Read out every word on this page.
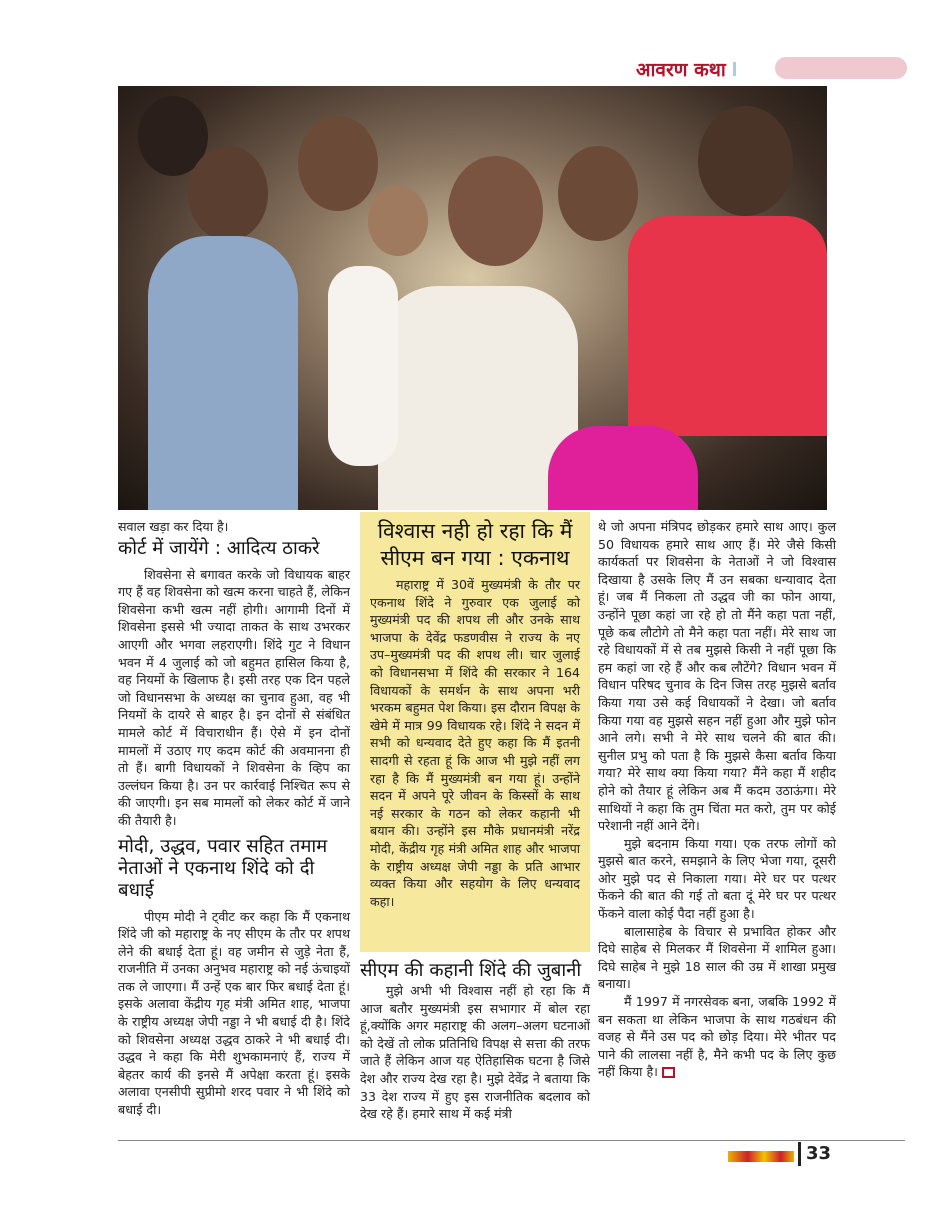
आवरण कथा

सवाल खड़ा कर दिया है।

कोर्ट में जायेंगे : आदित्य ठाकरे

शिवसेना से बगावत करके जो विधायक बाहर गए हैं वह शिवसेना को खत्म करना चाहते हैं, लेकिन शिवसेना कभी खत्म नहीं होगी। आगामी दिनों में शिवसेना इससे भी ज्यादा ताकत के साथ उभरकर आएगी और भगवा लहराएगी। शिंदे गुट ने विधान भवन में 4 जुलाई को जो बहुमत हासिल किया है, वह नियमों के खिलाफ है। इसी तरह एक दिन पहले जो विधानसभा के अध्यक्ष का चुनाव हुआ, वह भी नियमों के दायरे से बाहर है। इन दोनों से संबंधित मामले कोर्ट में विचाराधीन हैं। ऐसे में इन दोनों मामलों में उठाए गए कदम कोर्ट की अवमानना ही तो हैं। बागी विधायकों ने शिवसेना के व्हिप का उल्लंघन किया है। उन पर कार्रवाई निश्चित रूप से की जाएगी। इन सब मामलों को लेकर कोर्ट में जाने की तैयारी है।

मोदी, उद्धव, पवार सहित तमाम नेताओं ने एकनाथ शिंदे को दी बधाई

पीएम मोदी ने ट्वीट कर कहा कि मैं एकनाथ शिंदे जी को महाराष्ट्र के नए सीएम के तौर पर शपथ लेने की बधाई देता हूं। वह जमीन से जुड़े नेता हैं, राजनीति में उनका अनुभव महाराष्ट्र को नई ऊंचाइयों तक ले जाएगा। मैं उन्हें एक बार फिर बधाई देता हूं। इसके अलावा केंद्रीय गृह मंत्री अमित शाह, भाजपा के राष्ट्रीय अध्यक्ष जेपी नड्डा ने भी बधाई दी है। शिंदे को शिवसेना अध्यक्ष उद्धव ठाकरे ने भी बधाई दी। उद्धव ने कहा कि मेरी शुभकामनाएं हैं, राज्य में बेहतर कार्य की इनसे मैं अपेक्षा करता हूं। इसके अलावा एनसीपी सुप्रीमो शरद पवार ने भी शिंदे को बधाई दी।

विश्वास नही हो रहा कि मैं सीएम बन गया : एकनाथ

महाराष्ट्र में 30वें मुख्यमंत्री के तौर पर एकनाथ शिंदे ने गुरुवार एक जुलाई को मुख्यमंत्री पद की शपथ ली और उनके साथ भाजपा के देवेंद्र फडणवीस ने राज्य के नए उप–मुख्यमंत्री पद की शपथ ली। चार जुलाई को विधानसभा में शिंदे की सरकार ने 164 विधायकों के समर्थन के साथ अपना भरी भरकम बहुमत पेश किया। इस दौरान विपक्ष के खेमे में मात्र 99 विधायक रहे। शिंदे ने सदन में सभी को धन्यवाद देते हुए कहा कि मैं इतनी सादगी से रहता हूं कि आज भी मुझे नहीं लग रहा है कि मैं मुख्यमंत्री बन गया हूं। उन्होंने सदन में अपने पूरे जीवन के किस्सों के साथ नई सरकार के गठन को लेकर कहानी भी बयान की। उन्होंने इस मौके प्रधानमंत्री नरेंद्र मोदी, केंद्रीय गृह मंत्री अमित शाह और भाजपा के राष्ट्रीय अध्यक्ष जेपी नड्डा के प्रति आभार व्यक्त किया और सहयोग के लिए धन्यवाद कहा।

सीएम की कहानी शिंदे की जुबानी

मुझे अभी भी विश्वास नहीं हो रहा कि मैं आज बतौर मुख्यमंत्री इस सभागार में बोल रहा हूं,क्योंकि अगर महाराष्ट्र की अलग–अलग घटनाओं को देखें तो लोक प्रतिनिधि विपक्ष से सत्ता की तरफ जाते हैं लेकिन आज यह ऐतिहासिक घटना है जिसे देश और राज्य देख रहा है। मुझे देवेंद्र ने बताया कि 33 देश राज्य में हुए इस राजनीतिक बदलाव को देख रहे हैं। हमारे साथ में कई मंत्री

थे जो अपना मंत्रिपद छोड़कर हमारे साथ आए। कुल 50 विधायक हमारे साथ आए हैं। मेरे जैसे किसी कार्यकर्ता पर शिवसेना के नेताओं ने जो विश्वास दिखाया है उसके लिए मैं उन सबका धन्यावाद देता हूं। जब मैं निकला तो उद्धव जी का फोन आया, उन्होंने पूछा कहां जा रहे हो तो मैंने कहा पता नहीं, पूछे कब लौटोगे तो मैने कहा पता नहीं। मेरे साथ जा रहे विधायकों में से तब मुझसे किसी ने नहीं पूछा कि हम कहां जा रहे हैं और कब लौटेंगे? विधान भवन में विधान परिषद चुनाव के दिन जिस तरह मुझसे बर्ताव किया गया उसे कई विधायकों ने देखा। जो बर्ताव किया गया वह मुझसे सहन नहीं हुआ और मुझे फोन आने लगे। सभी ने मेरे साथ चलने की बात की। सुनील प्रभु को पता है कि मुझसे कैसा बर्ताव किया गया? मेरे साथ क्या किया गया? मैंने कहा मैं शहीद होने को तैयार हूं लेकिन अब मैं कदम उठाऊंगा। मेरे साथियों ने कहा कि तुम चिंता मत करो, तुम पर कोई परेशानी नहीं आने देंगे।

मुझे बदनाम किया गया। एक तरफ लोगों को मुझसे बात करने, समझाने के लिए भेजा गया, दूसरी ओर मुझे पद से निकाला गया। मेरे घर पर पत्थर फेंकने की बात की गई तो बता दूं मेरे घर पर पत्थर फेंकने वाला कोई पैदा नहीं हुआ है।

बालासाहेब के विचार से प्रभावित होकर और दिघे साहेब से मिलकर मैं शिवसेना में शामिल हुआ। दिघे साहेब ने मुझे 18 साल की उम्र में शाखा प्रमुख बनाया।

मैं 1997 में नगरसेवक बना, जबकि 1992 में बन सकता था लेकिन भाजपा के साथ गठबंधन की वजह से मैंने उस पद को छोड़ दिया। मेरे भीतर पद पाने की लालसा नहीं है, मैने कभी पद के लिए कुछ नहीं किया है।

33
